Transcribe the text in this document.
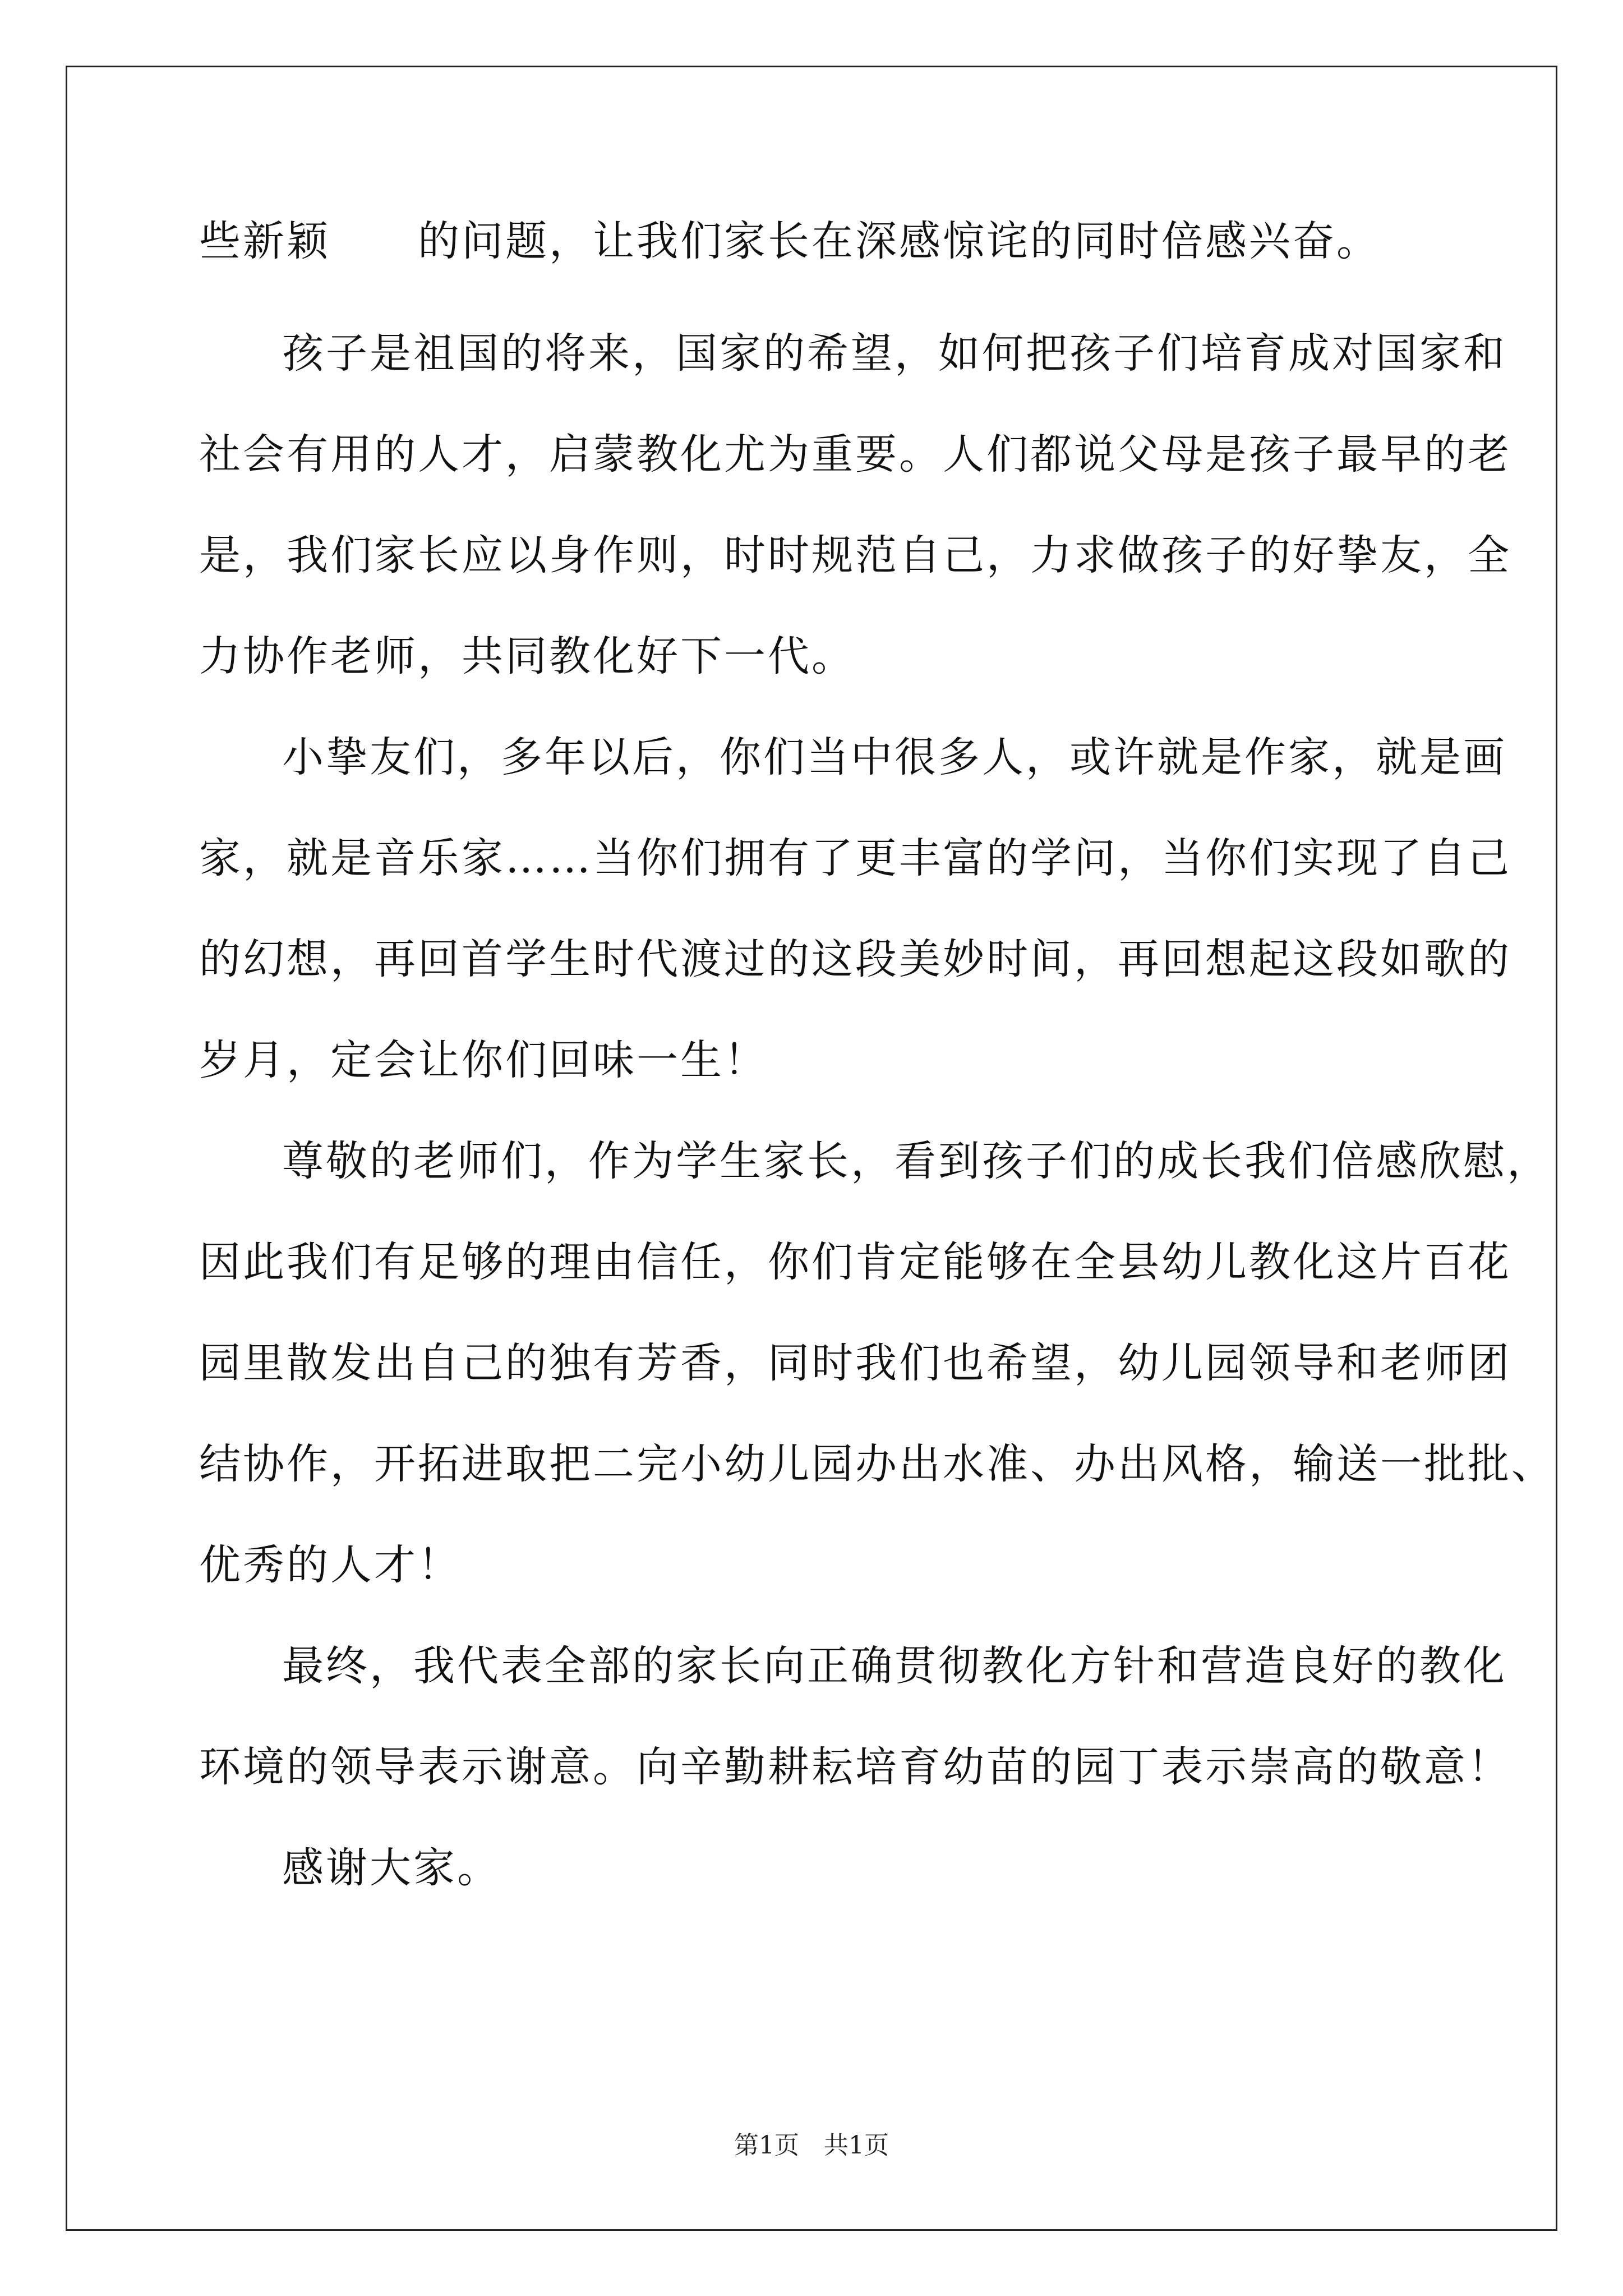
些新颖　　的问题，让我们家长在深感惊诧的同时倍感兴奋。
孩子是祖国的将来，国家的希望，如何把孩子们培育成对国家和
社会有用的人才，启蒙教化尤为重要。人们都说父母是孩子最早的老
是，我们家长应以身作则，时时规范自己，力求做孩子的好挚友，全
力协作老师，共同教化好下一代。
小挚友们，多年以后，你们当中很多人，或许就是作家，就是画
家，就是音乐家……当你们拥有了更丰富的学问，当你们实现了自己
的幻想，再回首学生时代渡过的这段美妙时间，再回想起这段如歌的
岁月，定会让你们回味一生！
尊敬的老师们，作为学生家长，看到孩子们的成长我们倍感欣慰，
因此我们有足够的理由信任，你们肯定能够在全县幼儿教化这片百花
园里散发出自己的独有芳香，同时我们也希望，幼儿园领导和老师团
结协作，开拓进取把二完小幼儿园办出水准、办出风格，输送一批批、
优秀的人才！
最终，我代表全部的家长向正确贯彻教化方针和营造良好的教化
环境的领导表示谢意。向辛勤耕耘培育幼苗的园丁表示崇高的敬意！
感谢大家。
第1页　共1页
